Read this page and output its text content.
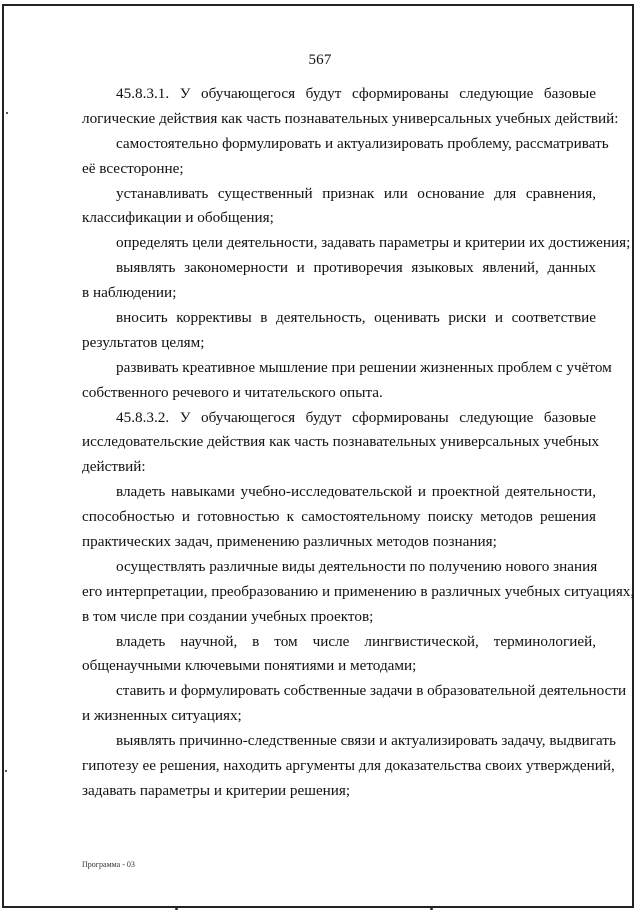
567
45.8.3.1. У обучающегося будут сформированы следующие базовые
логические действия как часть познавательных универсальных учебных действий:
самостоятельно формулировать и актуализировать проблему, рассматривать
её всесторонне;
устанавливать существенный признак или основание для сравнения,
классификации и обобщения;
определять цели деятельности, задавать параметры и критерии их достижения;
выявлять закономерности и противоречия языковых явлений, данных
в наблюдении;
вносить коррективы в деятельность, оценивать риски и соответствие
результатов целям;
развивать креативное мышление при решении жизненных проблем с учётом
собственного речевого и читательского опыта.
45.8.3.2. У обучающегося будут сформированы следующие базовые
исследовательские действия как часть познавательных универсальных учебных
действий:
владеть навыками учебно-исследовательской и проектной деятельности,
способностью и готовностью к самостоятельному поиску методов решения
практических задач, применению различных методов познания;
осуществлять различные виды деятельности по получению нового знания
его интерпретации, преобразованию и применению в различных учебных ситуациях,
в том числе при создании учебных проектов;
владеть научной, в том числе лингвистической, терминологией,
общенаучными ключевыми понятиями и методами;
ставить и формулировать собственные задачи в образовательной деятельности
и жизненных ситуациях;
выявлять причинно-следственные связи и актуализировать задачу, выдвигать
гипотезу ее решения, находить аргументы для доказательства своих утверждений,
задавать параметры и критерии решения;
Программа - 03
